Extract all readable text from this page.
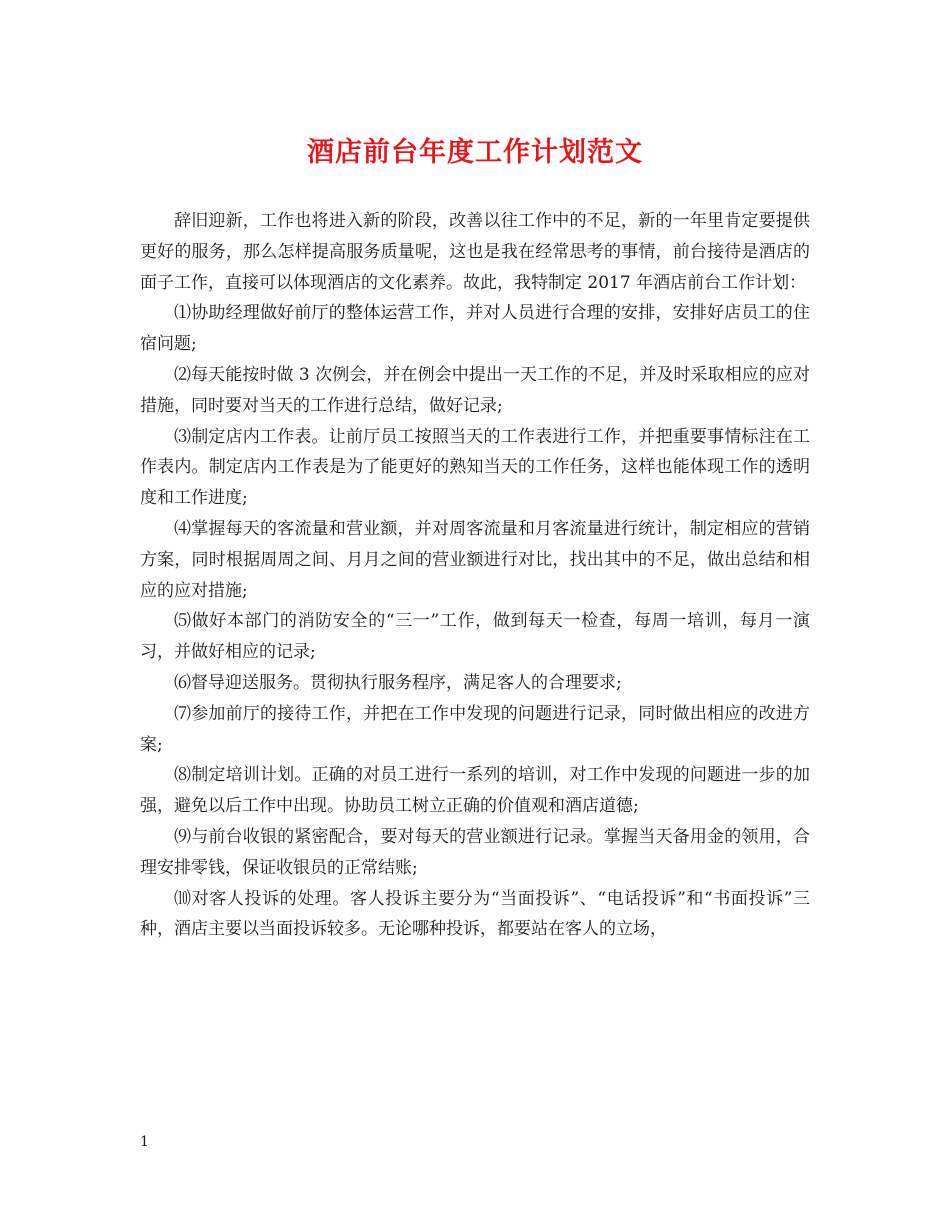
酒店前台年度工作计划范文

辞旧迎新，工作也将进入新的阶段，改善以往工作中的不足，新的一年里肯定要提供更好的服务，那么怎样提高服务质量呢，这也是我在经常思考的事情，前台接待是酒店的面子工作，直接可以体现酒店的文化素养。故此，我特制定 2017 年酒店前台工作计划：

⑴协助经理做好前厅的整体运营工作，并对人员进行合理的安排，安排好店员工的住宿问题;

⑵每天能按时做 3 次例会，并在例会中提出一天工作的不足，并及时采取相应的应对措施，同时要对当天的工作进行总结，做好记录;

⑶制定店内工作表。让前厅员工按照当天的工作表进行工作，并把重要事情标注在工作表内。制定店内工作表是为了能更好的熟知当天的工作任务，这样也能体现工作的透明度和工作进度;

⑷掌握每天的客流量和营业额，并对周客流量和月客流量进行统计，制定相应的营销方案，同时根据周周之间、月月之间的营业额进行对比，找出其中的不足，做出总结和相应的应对措施;

⑸做好本部门的消防安全的“三一”工作，做到每天一检查，每周一培训，每月一演习，并做好相应的记录;

⑹督导迎送服务。贯彻执行服务程序，满足客人的合理要求;

⑺参加前厅的接待工作，并把在工作中发现的问题进行记录，同时做出相应的改进方案;

⑻制定培训计划。正确的对员工进行一系列的培训，对工作中发现的问题进一步的加强，避免以后工作中出现。协助员工树立正确的价值观和酒店道德;

⑼与前台收银的紧密配合，要对每天的营业额进行记录。掌握当天备用金的领用，合理安排零钱，保证收银员的正常结账;

⑽对客人投诉的处理。客人投诉主要分为“当面投诉”、“电话投诉”和“书面投诉”三种，酒店主要以当面投诉较多。无论哪种投诉，都要站在客人的立场，

1
